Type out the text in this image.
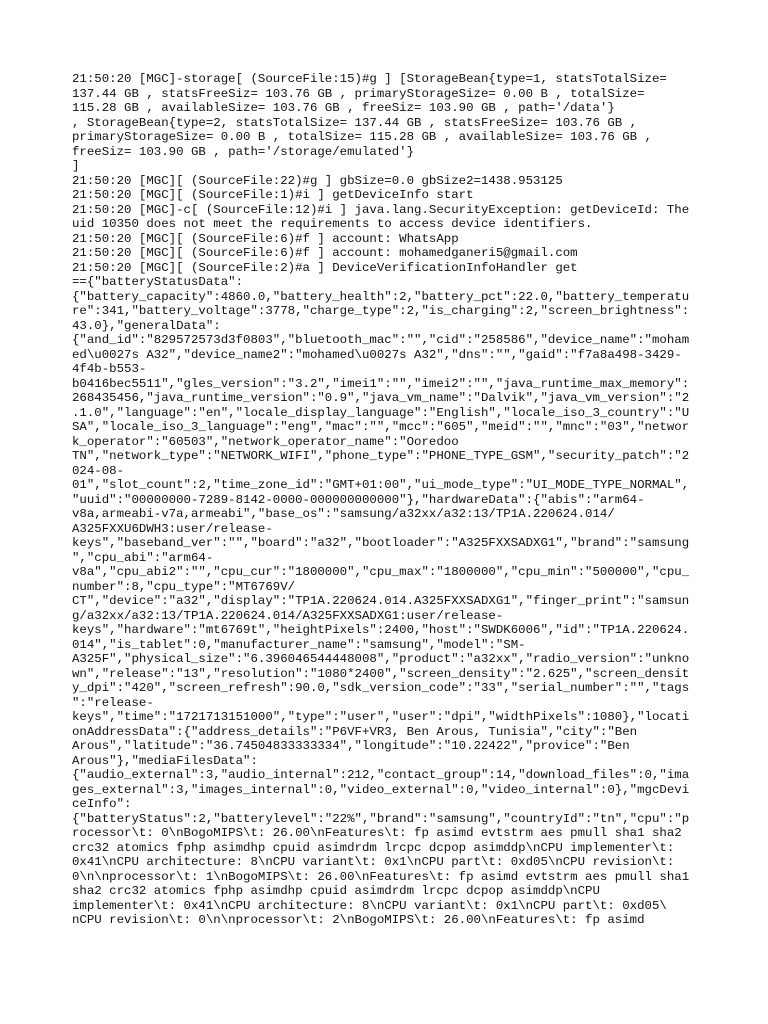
21:50:20 [MGC]-storage[ (SourceFile:15)#g ] [StorageBean{type=1, statsTotalSize=
137.44 GB , statsFreeSiz= 103.76 GB , primaryStorageSize= 0.00 B , totalSize=
115.28 GB , availableSize= 103.76 GB , freeSiz= 103.90 GB , path='/data'}
, StorageBean{type=2, statsTotalSize= 137.44 GB , statsFreeSize= 103.76 GB ,
primaryStorageSize= 0.00 B , totalSize= 115.28 GB , availableSize= 103.76 GB ,
freeSiz= 103.90 GB , path='/storage/emulated'}
]
21:50:20 [MGC][ (SourceFile:22)#g ] gbSize=0.0 gbSize2=1438.953125
21:50:20 [MGC][ (SourceFile:1)#i ] getDeviceInfo start
21:50:20 [MGC]-c[ (SourceFile:12)#i ] java.lang.SecurityException: getDeviceId: The
uid 10350 does not meet the requirements to access device identifiers.
21:50:20 [MGC][ (SourceFile:6)#f ] account: WhatsApp
21:50:20 [MGC][ (SourceFile:6)#f ] account: mohamedganeri5@gmail.com
21:50:20 [MGC][ (SourceFile:2)#a ] DeviceVerificationInfoHandler get
=={"batteryStatusData":
{"battery_capacity":4860.0,"battery_health":2,"battery_pct":22.0,"battery_temperatu
re":341,"battery_voltage":3778,"charge_type":2,"is_charging":2,"screen_brightness":
43.0},"generalData":
{"and_id":"829572573d3f0803","bluetooth_mac":"","cid":"258586","device_name":"moham
ed\u0027s A32","device_name2":"mohamed\u0027s A32","dns":"","gaid":"f7a8a498-3429-
4f4b-b553-
b0416bec5511","gles_version":"3.2","imei1":"","imei2":"","java_runtime_max_memory":
268435456,"java_runtime_version":"0.9","java_vm_name":"Dalvik","java_vm_version":"2
.1.0","language":"en","locale_display_language":"English","locale_iso_3_country":"U
SA","locale_iso_3_language":"eng","mac":"","mcc":"605","meid":"","mnc":"03","networ
k_operator":"60503","network_operator_name":"Ooredoo
TN","network_type":"NETWORK_WIFI","phone_type":"PHONE_TYPE_GSM","security_patch":"2
024-08-
01","slot_count":2,"time_zone_id":"GMT+01:00","ui_mode_type":"UI_MODE_TYPE_NORMAL",
"uuid":"00000000-7289-8142-0000-000000000000"},"hardwareData":{"abis":"arm64-
v8a,armeabi-v7a,armeabi","base_os":"samsung/a32xx/a32:13/TP1A.220624.014/
A325FXXU6DWH3:user/release-
keys","baseband_ver":"","board":"a32","bootloader":"A325FXXSADXG1","brand":"samsung
","cpu_abi":"arm64-
v8a","cpu_abi2":"","cpu_cur":"1800000","cpu_max":"1800000","cpu_min":"500000","cpu_
number":8,"cpu_type":"MT6769V/
CT","device":"a32","display":"TP1A.220624.014.A325FXXSADXG1","finger_print":"samsun
g/a32xx/a32:13/TP1A.220624.014/A325FXXSADXG1:user/release-
keys","hardware":"mt6769t","heightPixels":2400,"host":"SWDK6006","id":"TP1A.220624.
014","is_tablet":0,"manufacturer_name":"samsung","model":"SM-
A325F","physical_size":"6.396046544448008","product":"a32xx","radio_version":"unkno
wn","release":"13","resolution":"1080*2400","screen_density":"2.625","screen_densit
y_dpi":"420","screen_refresh":90.0,"sdk_version_code":"33","serial_number":"","tags
":"release-
keys","time":"1721713151000","type":"user","user":"dpi","widthPixels":1080},"locati
onAddressData":{"address_details":"P6VF+VR3, Ben Arous, Tunisia","city":"Ben
Arous","latitude":"36.74504833333334","longitude":"10.22422","provice":"Ben
Arous"},"mediaFilesData":
{"audio_external":3,"audio_internal":212,"contact_group":14,"download_files":0,"ima
ges_external":3,"images_internal":0,"video_external":0,"video_internal":0},"mgcDevi
ceInfo":
{"batteryStatus":2,"batterylevel":"22%","brand":"samsung","countryId":"tn","cpu":"p
rocessor\t: 0\nBogoMIPS\t: 26.00\nFeatures\t: fp asimd evtstrm aes pmull sha1 sha2
crc32 atomics fphp asimdhp cpuid asimdrdm lrcpc dcpop asimddp\nCPU implementer\t:
0x41\nCPU architecture: 8\nCPU variant\t: 0x1\nCPU part\t: 0xd05\nCPU revision\t:
0\n\nprocessor\t: 1\nBogoMIPS\t: 26.00\nFeatures\t: fp asimd evtstrm aes pmull sha1
sha2 crc32 atomics fphp asimdhp cpuid asimdrdm lrcpc dcpop asimddp\nCPU
implementer\t: 0x41\nCPU architecture: 8\nCPU variant\t: 0x1\nCPU part\t: 0xd05\
nCPU revision\t: 0\n\nprocessor\t: 2\nBogoMIPS\t: 26.00\nFeatures\t: fp asimd
